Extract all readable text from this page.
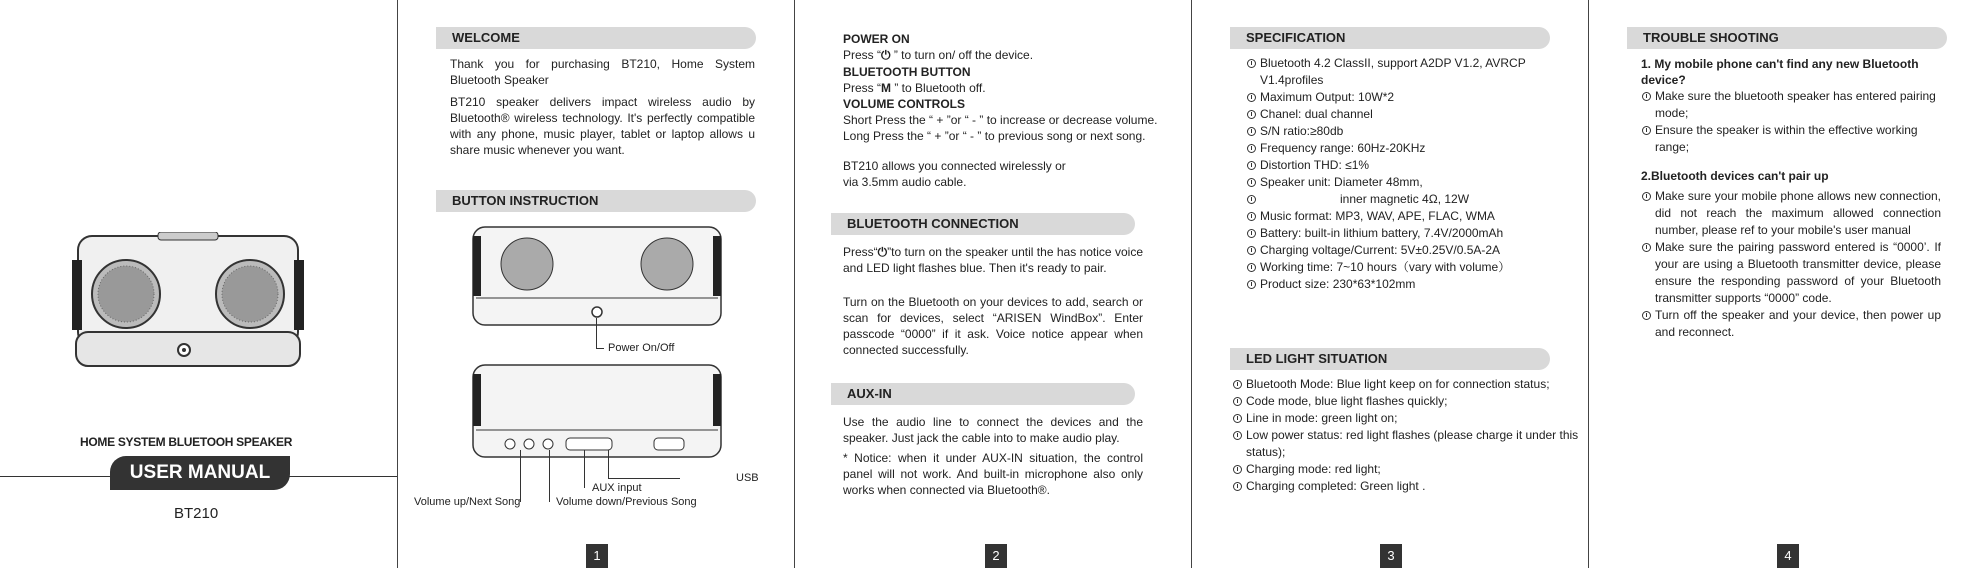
HOME SYSTEM BLUETOOH SPEAKER
USER MANUAL
BT210
WELCOME
Thank you for purchasing BT210, Home System Bluetooth Speaker
BT210 speaker delivers impact wireless audio by Bluetooth® wireless technology. It's perfectly compatible with any phone, music player, tablet or laptop allows u share music whenever you want.
BUTTON INSTRUCTION
Power On/Off
USB
AUX input
Volume up/Next Song	Volume down/Previous Song
1
POWER ON
Press “⏻ ” to turn on/ off the device.
BLUETOOTH BUTTON
Press “M ” to Bluetooth off.
VOLUME CONTROLS
Short Press the “ + ”or “ - ” to increase or decrease volume.
Long Press the “ + ”or “ - ” to previous song or next song.
BT210 allows you connected wirelessly or via 3.5mm audio cable.
BLUETOOTH CONNECTION
Press“⏻”to turn on the speaker until the has notice voice and LED light flashes blue. Then it's ready to pair.
Turn on the Bluetooth on your devices to add, search or scan for devices, select “ARISEN WindBox”. Enter passcode “0000” if it ask. Voice notice appear when connected successfully.
AUX-IN
Use the audio line to connect the devices and the speaker. Just jack the cable into to make audio play.
* Notice: when it under AUX-IN situation, the control panel will not work. And built-in microphone also only works when connected via Bluetooth®.
2
SPECIFICATION
Bluetooth 4.2 ClassII, support A2DP V1.2, AVRCP V1.4profiles
Maximum Output: 10W*2
Chanel: dual channel
S/N ratio:≥80db
Frequency range: 60Hz-20KHz
Distortion THD: ≤1%
Speaker unit: Diameter 48mm,
inner magnetic 4Ω, 12W
Music format: MP3, WAV, APE, FLAC, WMA
Battery: built-in lithium battery, 7.4V/2000mAh
Charging voltage/Current: 5V±0.25V/0.5A-2A
Working time: 7~10 hours（vary with volume）
Product size: 230*63*102mm
LED LIGHT SITUATION
Bluetooth Mode: Blue light keep on for connection status;
Code mode, blue light flashes quickly;
Line in mode: green light on;
Low power status: red light flashes (please charge it under this status);
Charging mode: red light;
Charging completed: Green light .
3
TROUBLE SHOOTING
1. My mobile phone can't find any new Bluetooth device?
Make sure the bluetooth speaker has entered pairing mode;
Ensure the speaker is within the effective working range;
2.Bluetooth devices can't pair up
Make sure your mobile phone allows new connection, did not reach the maximum allowed connection number, please ref to your mobile's user manual
Make sure the pairing password entered is “0000’. If your are using a Bluetooth transmitter device, please ensure the responding password of your Bluetooth transmitter supports “0000” code.
Turn off the speaker and your device, then power up and reconnect.
4
